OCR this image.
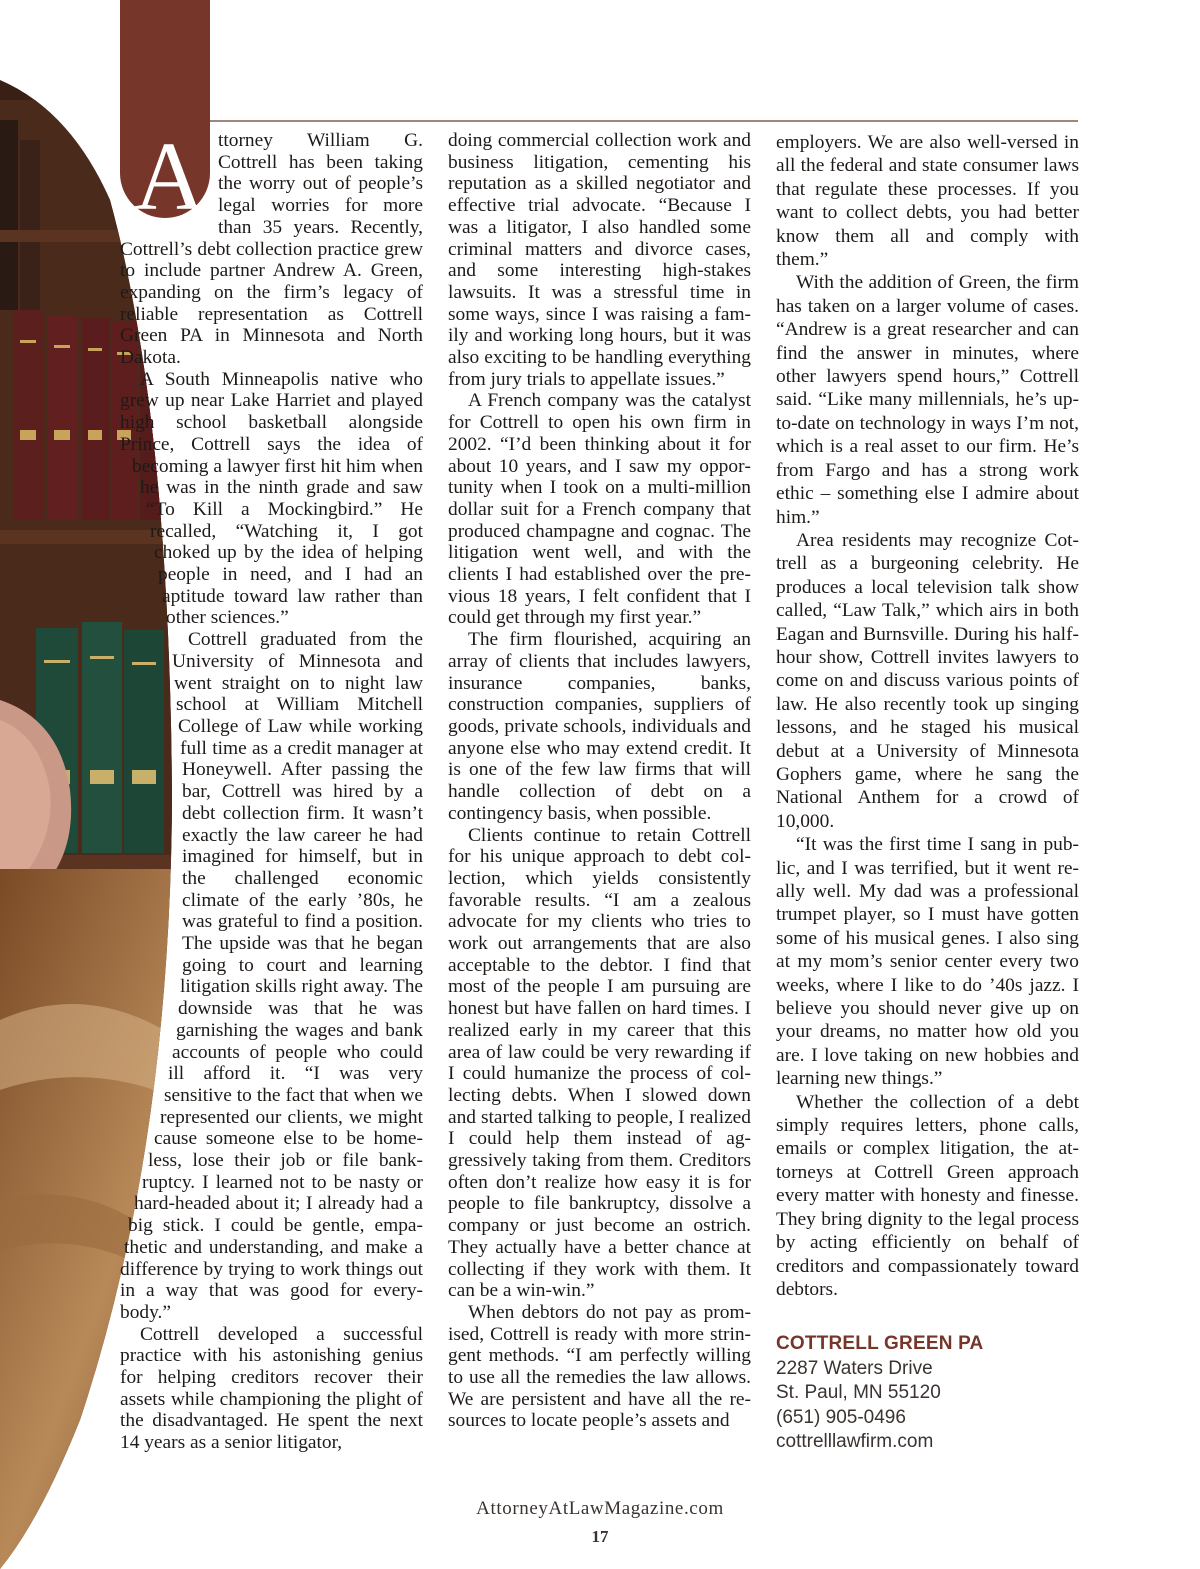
A ttorney William G. Cottrell has been taking the worry out of people’s legal worries for more than 35 years. Recently, Cottrell’s debt collection practice grew to include partner Andrew A. Green, expanding on the firm’s legacy of reliable representation as Cottrell Green PA in Minnesota and North Dakota.

A South Minneapolis native who grew up near Lake Harriet and played high school basketball alongside Prince, Cottrell says the idea of becoming a lawyer first hit him when he was in the ninth grade and saw “To Kill a Mockingbird.” He recalled, “Watching it, I got choked up by the idea of helping people in need, and I had an aptitude toward law rather than other sciences.”

Cottrell graduated from the University of Minnesota and went straight on to night law school at William Mitchell College of Law while working full time as a credit manager at Honeywell. After passing the bar, Cottrell was hired by a debt collection firm. It wasn’t exactly the law career he had imagined for himself, but in the challenged economic climate of the early ’80s, he was grateful to find a position. The upside was that he began going to court and learning litigation skills right away. The downside was that he was garnishing the wages and bank accounts of people who could ill afford it. “I was very sensitive to the fact that when we represented our clients, we might cause someone else to be homeless, lose their job or file bankruptcy. I learned not to be nasty or hard-headed about it; I already had a big stick. I could be gentle, empathetic and understanding, and make a difference by trying to work things out in a way that was good for everybody.”

Cottrell developed a successful practice with his astonishing genius for helping creditors recover their assets while championing the plight of the disadvantaged. He spent the next 14 years as a senior litigator,

doing commercial collection work and business litigation, cementing his reputation as a skilled negotiator and effective trial advocate. “Because I was a litigator, I also handled some criminal matters and divorce cases, and some interesting high-stakes lawsuits. It was a stressful time in some ways, since I was raising a family and working long hours, but it was also exciting to be handling everything from jury trials to appellate issues.”

A French company was the catalyst for Cottrell to open his own firm in 2002. “I’d been thinking about it for about 10 years, and I saw my opportunity when I took on a multi-million dollar suit for a French company that produced champagne and cognac. The litigation went well, and with the clients I had established over the previous 18 years, I felt confident that I could get through my first year.”

The firm flourished, acquiring an array of clients that includes lawyers, insurance companies, banks, construction companies, suppliers of goods, private schools, individuals and anyone else who may extend credit. It is one of the few law firms that will handle collection of debt on a contingency basis, when possible.

Clients continue to retain Cottrell for his unique approach to debt collection, which yields consistently favorable results. “I am a zealous advocate for my clients who tries to work out arrangements that are also acceptable to the debtor. I find that most of the people I am pursuing are honest but have fallen on hard times. I realized early in my career that this area of law could be very rewarding if I could humanize the process of collecting debts. When I slowed down and started talking to people, I realized I could help them instead of aggressively taking from them. Creditors often don’t realize how easy it is for people to file bankruptcy, dissolve a company or just become an ostrich. They actually have a better chance at collecting if they work with them. It can be a win-win.”

When debtors do not pay as promised, Cottrell is ready with more stringent methods. “I am perfectly willing to use all the remedies the law allows. We are persistent and have all the resources to locate people’s assets and

employers. We are also well-versed in all the federal and state consumer laws that regulate these processes. If you want to collect debts, you had better know them all and comply with them.”

With the addition of Green, the firm has taken on a larger volume of cases. “Andrew is a great researcher and can find the answer in minutes, where other lawyers spend hours,” Cottrell said. “Like many millennials, he’s up-to-date on technology in ways I’m not, which is a real asset to our firm. He’s from Fargo and has a strong work ethic – something else I admire about him.”

Area residents may recognize Cottrell as a burgeoning celebrity. He produces a local television talk show called, “Law Talk,” which airs in both Eagan and Burnsville. During his half-hour show, Cottrell invites lawyers to come on and discuss various points of law. He also recently took up singing lessons, and he staged his musical debut at a University of Minnesota Gophers game, where he sang the National Anthem for a crowd of 10,000.

“It was the first time I sang in public, and I was terrified, but it went really well. My dad was a professional trumpet player, so I must have gotten some of his musical genes. I also sing at my mom’s senior center every two weeks, where I like to do ’40s jazz. I believe you should never give up on your dreams, no matter how old you are. I love taking on new hobbies and learning new things.”

Whether the collection of a debt simply requires letters, phone calls, emails or complex litigation, the attorneys at Cottrell Green approach every matter with honesty and finesse. They bring dignity to the legal process by acting efficiently on behalf of creditors and compassionately toward debtors.

COTTRELL GREEN PA
2287 Waters Drive
St. Paul, MN 55120
(651) 905-0496
cottrelllawfirm.com
AttorneyAtLawMagazine.com
17
